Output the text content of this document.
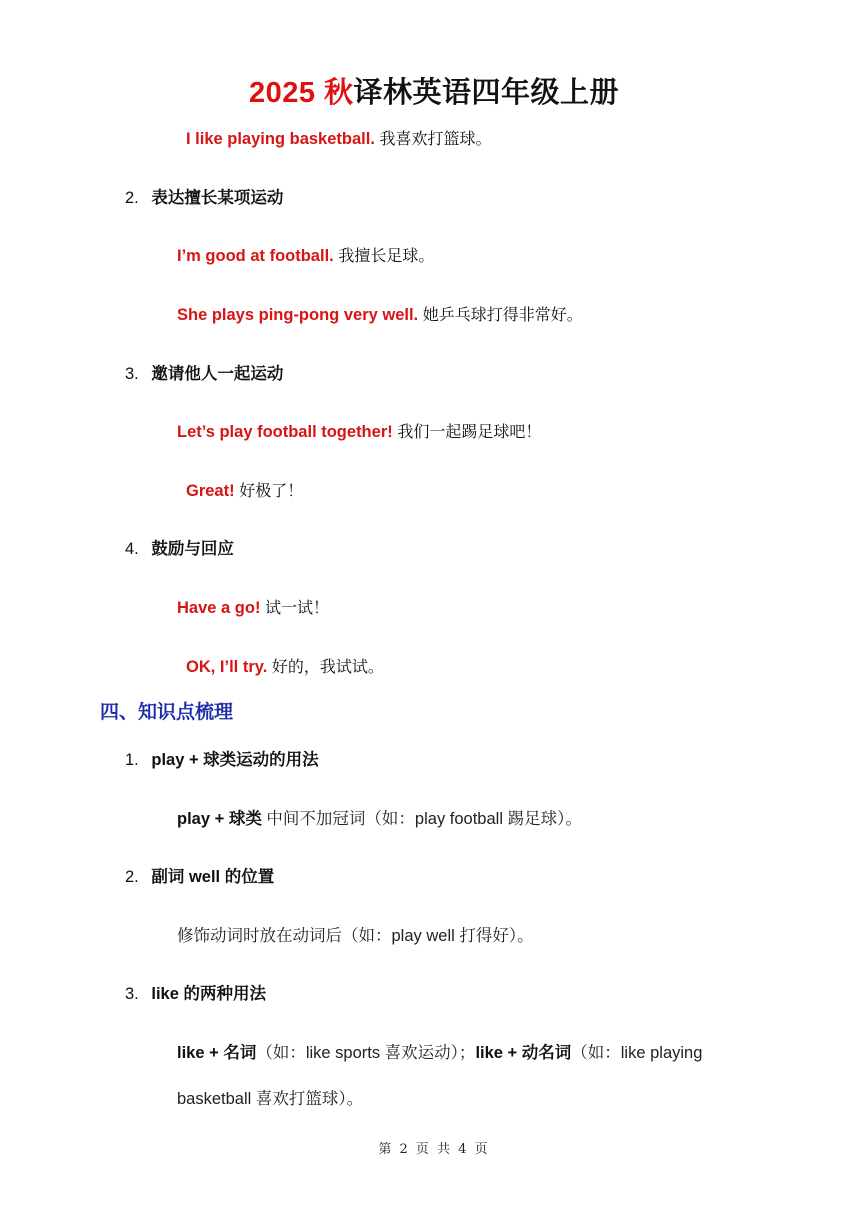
2025 秋译林英语四年级上册
I like playing basketball. 我喜欢打篮球。
2. 表达擅长某项运动
I’m good at football. 我擅长足球。
She plays ping-pong very well. 她乒乓球打得非常好。
3. 邀请他人一起运动
Let’s play football together! 我们一起踢足球吧！
Great! 好极了！
4. 鼓励与回应
Have a go! 试一试！
OK, I’ll try. 好的，我试试。
四、知识点梳理
1. play + 球类运动的用法
play + 球类 中间不加冠词（如：play football 踢足球）。
2. 副词 well 的位置
修饰动词时放在动词后（如：play well 打得好）。
3. like 的两种用法
like + 名词（如：like sports 喜欢运动）；like + 动名词（如：like playing
basketball 喜欢打篮球）。
第 2 页 共 4 页
